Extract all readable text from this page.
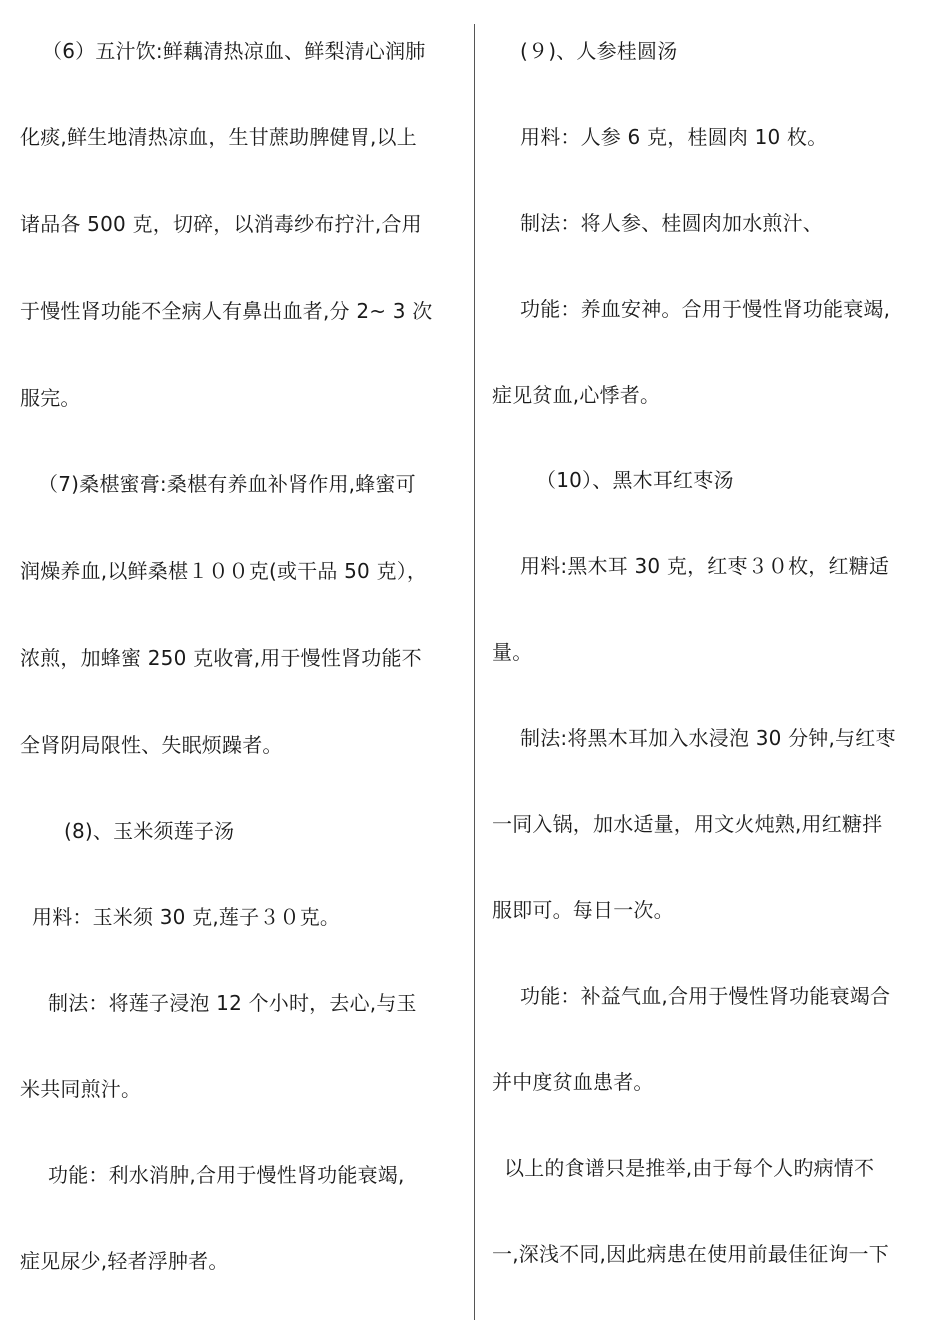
（6）五汁饮:鲜藕清热凉血、鲜梨清心润肺
化痰,鲜生地清热凉血，生甘蔗助脾健胃,以上
诸品各 500 克，切碎，以消毒纱布拧汁,合用
于慢性肾功能不全病人有鼻出血者,分 2~ 3 次
服完。
（7)桑椹蜜膏:桑椹有养血补肾作用,蜂蜜可
润燥养血,以鲜桑椹１００克(或干品 50 克），
浓煎，加蜂蜜 250 克收膏,用于慢性肾功能不
全肾阴局限性、失眠烦躁者。
(8)、玉米须莲子汤
用料：玉米须 30 克,莲子３０克。
制法：将莲子浸泡 12 个小时，去心,与玉
米共同煎汁。
功能：利水消肿,合用于慢性肾功能衰竭,
症见尿少,轻者浮肿者。
(９)、人参桂圆汤
用料：人参 6 克，桂圆肉 10 枚。
制法：将人参、桂圆肉加水煎汁、
功能：养血安神。合用于慢性肾功能衰竭,
症见贫血,心悸者。
（10）、黑木耳红枣汤
用料:黑木耳 30 克，红枣３０枚，红糖适
量。
制法:将黑木耳加入水浸泡 30 分钟,与红枣
一同入锅，加水适量，用文火炖熟,用红糖拌
服即可。每日一次。
功能：补益气血,合用于慢性肾功能衰竭合
并中度贫血患者。
以上的食谱只是推举,由于每个人旳病情不
一,深浅不同,因此病患在使用前最佳征询一下
